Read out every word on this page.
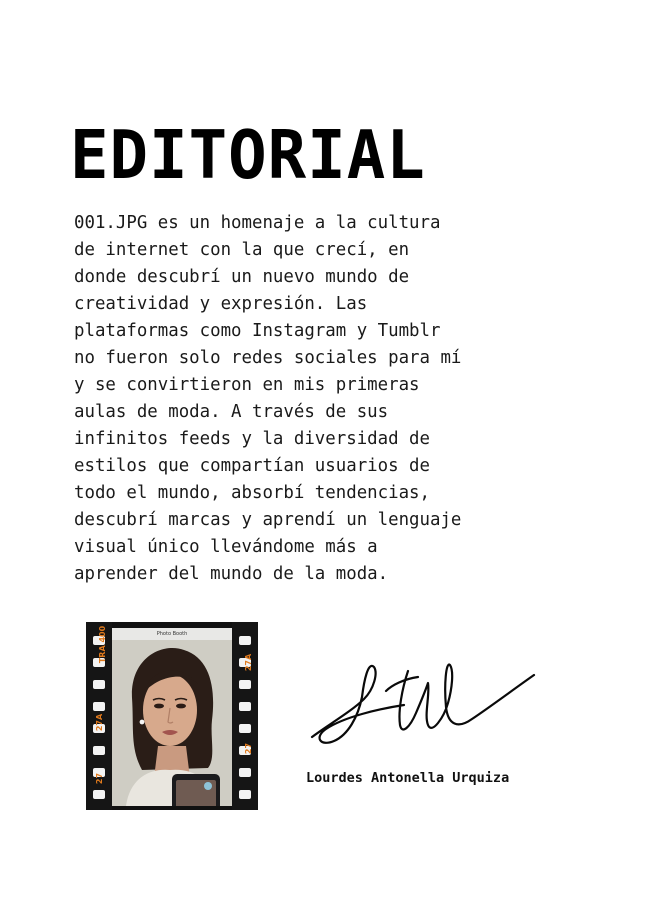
EDITORIAL

001.JPG es un homenaje a la cultura
de internet con la que crecí, en
donde descubrí un nuevo mundo de
creatividad y expresión. Las
plataformas como Instagram y Tumblr
no fueron solo redes sociales para mí
y se convirtieron en mis primeras
aulas de moda. A través de sus
infinitos feeds y la diversidad de
estilos que compartían usuarios de
todo el mundo, absorbí tendencias,
descubrí marcas y aprendí un lenguaje
visual único llevándome más a
aprender del mundo de la moda.

TRA 400
27A
27
27A
27
Photo Booth
Lourdes Antonella Urquiza
